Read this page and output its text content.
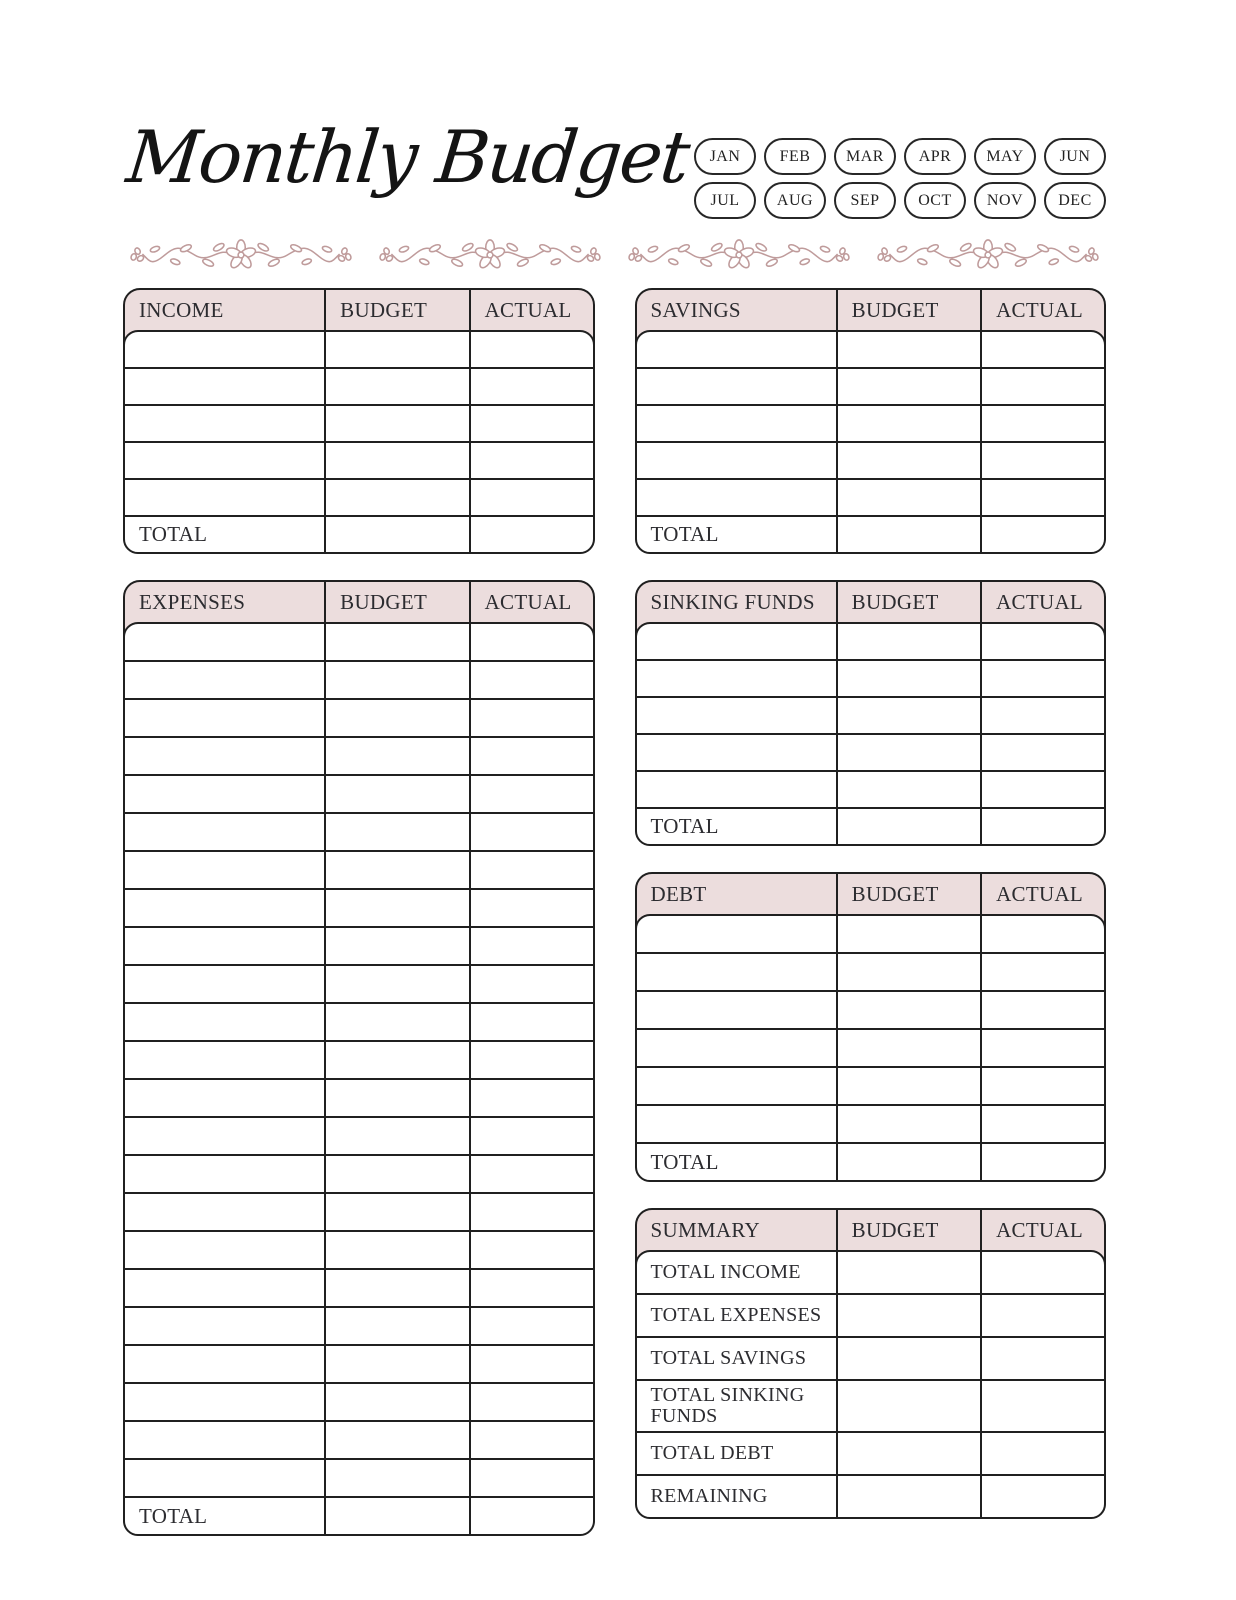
Monthly Budget	JAN	FEB	MAR	APR	MAY	JUN
JUL	AUG	SEP	OCT	NOV	DEC
INCOME	BUDGET	ACTUAL
TOTAL
EXPENSES	BUDGET	ACTUAL
TOTAL
SAVINGS	BUDGET	ACTUAL
TOTAL
SINKING FUNDS	BUDGET	ACTUAL
TOTAL
DEBT	BUDGET	ACTUAL
TOTAL
SUMMARY	BUDGET	ACTUAL
TOTAL INCOME
TOTAL EXPENSES
TOTAL SAVINGS
TOTAL SINKING FUNDS
TOTAL DEBT
REMAINING
